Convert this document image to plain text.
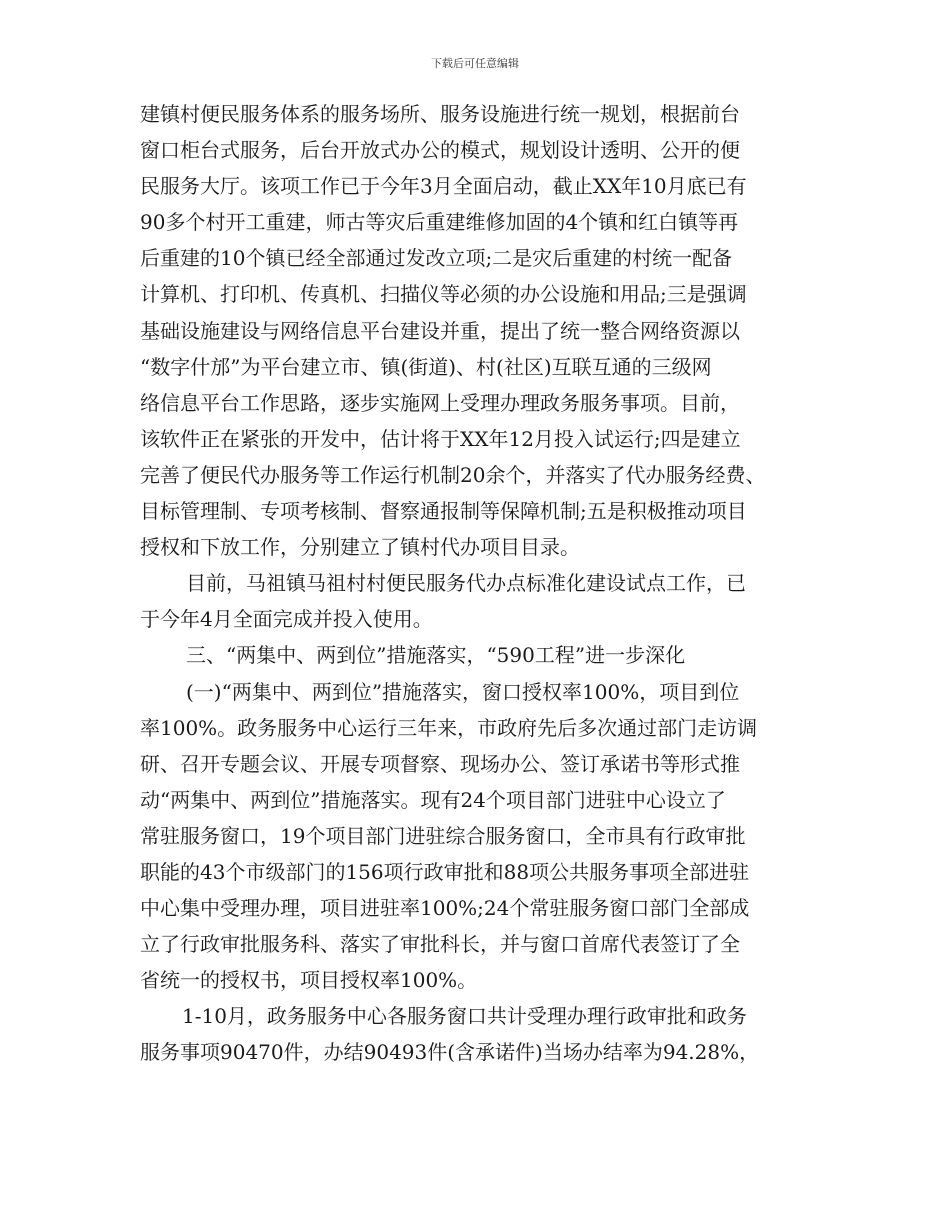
下载后可任意编辑
建镇村便民服务体系的服务场所、服务设施进行统一规划，根据前台
窗口柜台式服务，后台开放式办公的模式，规划设计透明、公开的便
民服务大厅。该项工作已于今年3月全面启动，截止XX年10月底已有
90多个村开工重建，师古等灾后重建维修加固的4个镇和红白镇等再
后重建的10个镇已经全部通过发改立项;二是灾后重建的村统一配备
计算机、打印机、传真机、扫描仪等必须的办公设施和用品;三是强调
基础设施建设与网络信息平台建设并重，提出了统一整合网络资源以
“数字什邡”为平台建立市、镇(街道)、村(社区)互联互通的三级网
络信息平台工作思路，逐步实施网上受理办理政务服务事项。目前，
该软件正在紧张的开发中，估计将于XX年12月投入试运行;四是建立
完善了便民代办服务等工作运行机制20余个，并落实了代办服务经费、
目标管理制、专项考核制、督察通报制等保障机制;五是积极推动项目
授权和下放工作，分别建立了镇村代办项目目录。
目前，马祖镇马祖村村便民服务代办点标准化建设试点工作，已
于今年4月全面完成并投入使用。
三、“两集中、两到位”措施落实，“590工程”进一步深化
(一)“两集中、两到位”措施落实，窗口授权率100%，项目到位
率100%。政务服务中心运行三年来，市政府先后多次通过部门走访调
研、召开专题会议、开展专项督察、现场办公、签订承诺书等形式推
动“两集中、两到位”措施落实。现有24个项目部门进驻中心设立了
常驻服务窗口，19个项目部门进驻综合服务窗口，全市具有行政审批
职能的43个市级部门的156项行政审批和88项公共服务事项全部进驻
中心集中受理办理，项目进驻率100%;24个常驻服务窗口部门全部成
立了行政审批服务科、落实了审批科长，并与窗口首席代表签订了全
省统一的授权书，项目授权率100%。
1-10月，政务服务中心各服务窗口共计受理办理行政审批和政务
服务事项90470件，办结90493件(含承诺件)当场办结率为94.28%，
